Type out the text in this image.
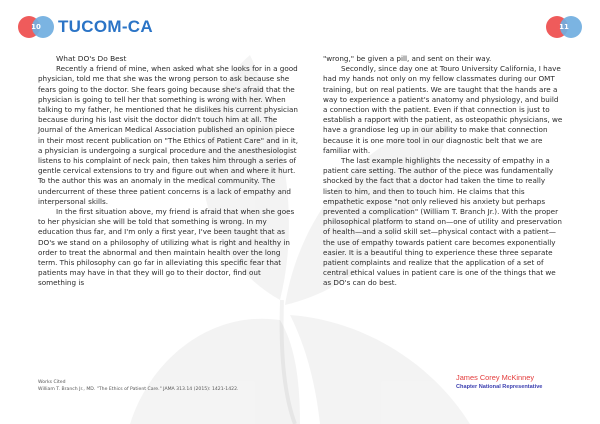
10	TUCOM-CA	11

What DO's Do Best

Recently a friend of mine, when asked what she looks for in a good physician, told me that she was the wrong person to ask because she fears going to the doctor. She fears going because she's afraid that the physician is going to tell her that something is wrong with her. When talking to my father, he mentioned that he dislikes his current physician because during his last visit the doctor didn't touch him at all. The Journal of the American Medical Association published an opinion piece in their most recent publication on "The Ethics of Patient Care" and in it, a physician is undergoing a surgical procedure and the anesthesiologist listens to his complaint of neck pain, then takes him through a series of gentle cervical extensions to try and figure out when and where it hurt. To the author this was an anomaly in the medical community. The undercurrent of these three patient concerns is a lack of empathy and interpersonal skills.

In the first situation above, my friend is afraid that when she goes to her physician she will be told that something is wrong. In my education thus far, and I'm only a first year, I've been taught that as DO's we stand on a philosophy of utilizing what is right and healthy in order to treat the abnormal and then maintain health over the long term. This philosophy can go far in alleviating this specific fear that patients may have in that they will go to their doctor, find out something is

"wrong," be given a pill, and sent on their way.

Secondly, since day one at Touro University California, I have had my hands not only on my fellow classmates during our OMT training, but on real patients. We are taught that the hands are a way to experience a patient's anatomy and physiology, and build a connection with the patient. Even if that connection is just to establish a rapport with the patient, as osteopathic physicians, we have a grandiose leg up in our ability to make that connection because it is one more tool in our diagnostic belt that we are familiar with.

The last example highlights the necessity of empathy in a patient care setting. The author of the piece was fundamentally shocked by the fact that a doctor had taken the time to really listen to him, and then to touch him. He claims that this empathetic expose "not only relieved his anxiety but perhaps prevented a complication" (William T. Branch Jr.). With the proper philosophical platform to stand on—one of utility and preservation of health—and a solid skill set—physical contact with a patient—the use of empathy towards patient care becomes exponentially easier. It is a beautiful thing to experience these three separate patient complaints and realize that the application of a set of central ethical values in patient care is one of the things that we as DO's can do best.

Works Cited
William T. Branch Jr., MD. "The Ethics of Patient Care." JAMA 313.14 (2015): 1421-1422.
James Corey McKinney
Chapter National Representative
